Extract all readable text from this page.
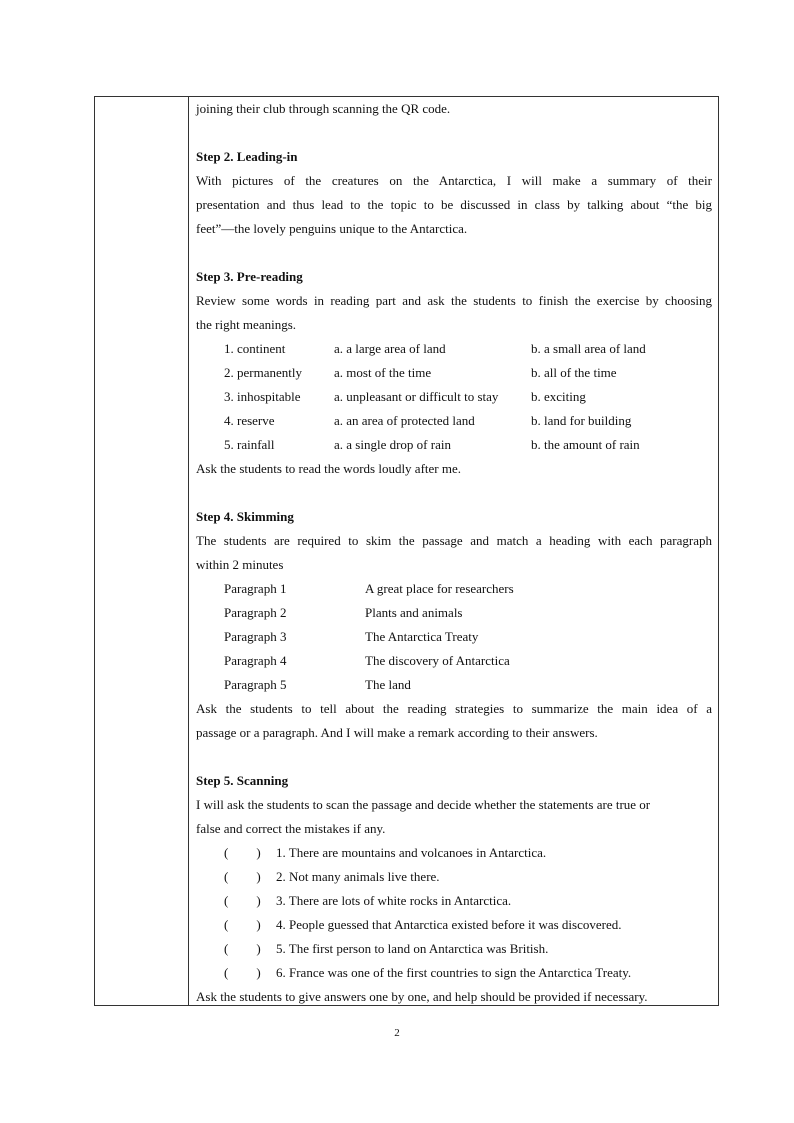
joining their club through scanning the QR code.
Step 2. Leading-in
With pictures of the creatures on the Antarctica, I will make a summary of their
presentation and thus lead to the topic to be discussed in class by talking about “the big
feet”—the lovely penguins unique to the Antarctica.
Step 3. Pre-reading
Review some words in reading part and ask the students to finish the exercise by choosing
the right meanings.
1. continent	a. a large area of land	b. a small area of land
2. permanently	a. most of the time	b. all of the time
3. inhospitable	a. unpleasant or difficult to stay	b. exciting
4. reserve	a. an area of protected land	b. land for building
5. rainfall	a. a single drop of rain	b. the amount of rain
Ask the students to read the words loudly after me.
Step 4. Skimming
The students are required to skim the passage and match a heading with each paragraph
within 2 minutes
Paragraph 1	A great place for researchers
Paragraph 2	Plants and animals
Paragraph 3	The Antarctica Treaty
Paragraph 4	The discovery of Antarctica
Paragraph 5	The land
Ask the students to tell about the reading strategies to summarize the main idea of a
passage or a paragraph. And I will make a remark according to their answers.
Step 5. Scanning
I will ask the students to scan the passage and decide whether the statements are true or
false and correct the mistakes if any.
( ) 1. There are mountains and volcanoes in Antarctica.
( ) 2. Not many animals live there.
( ) 3. There are lots of white rocks in Antarctica.
( ) 4. People guessed that Antarctica existed before it was discovered.
( ) 5. The first person to land on Antarctica was British.
( ) 6. France was one of the first countries to sign the Antarctica Treaty.
Ask the students to give answers one by one, and help should be provided if necessary.
2
